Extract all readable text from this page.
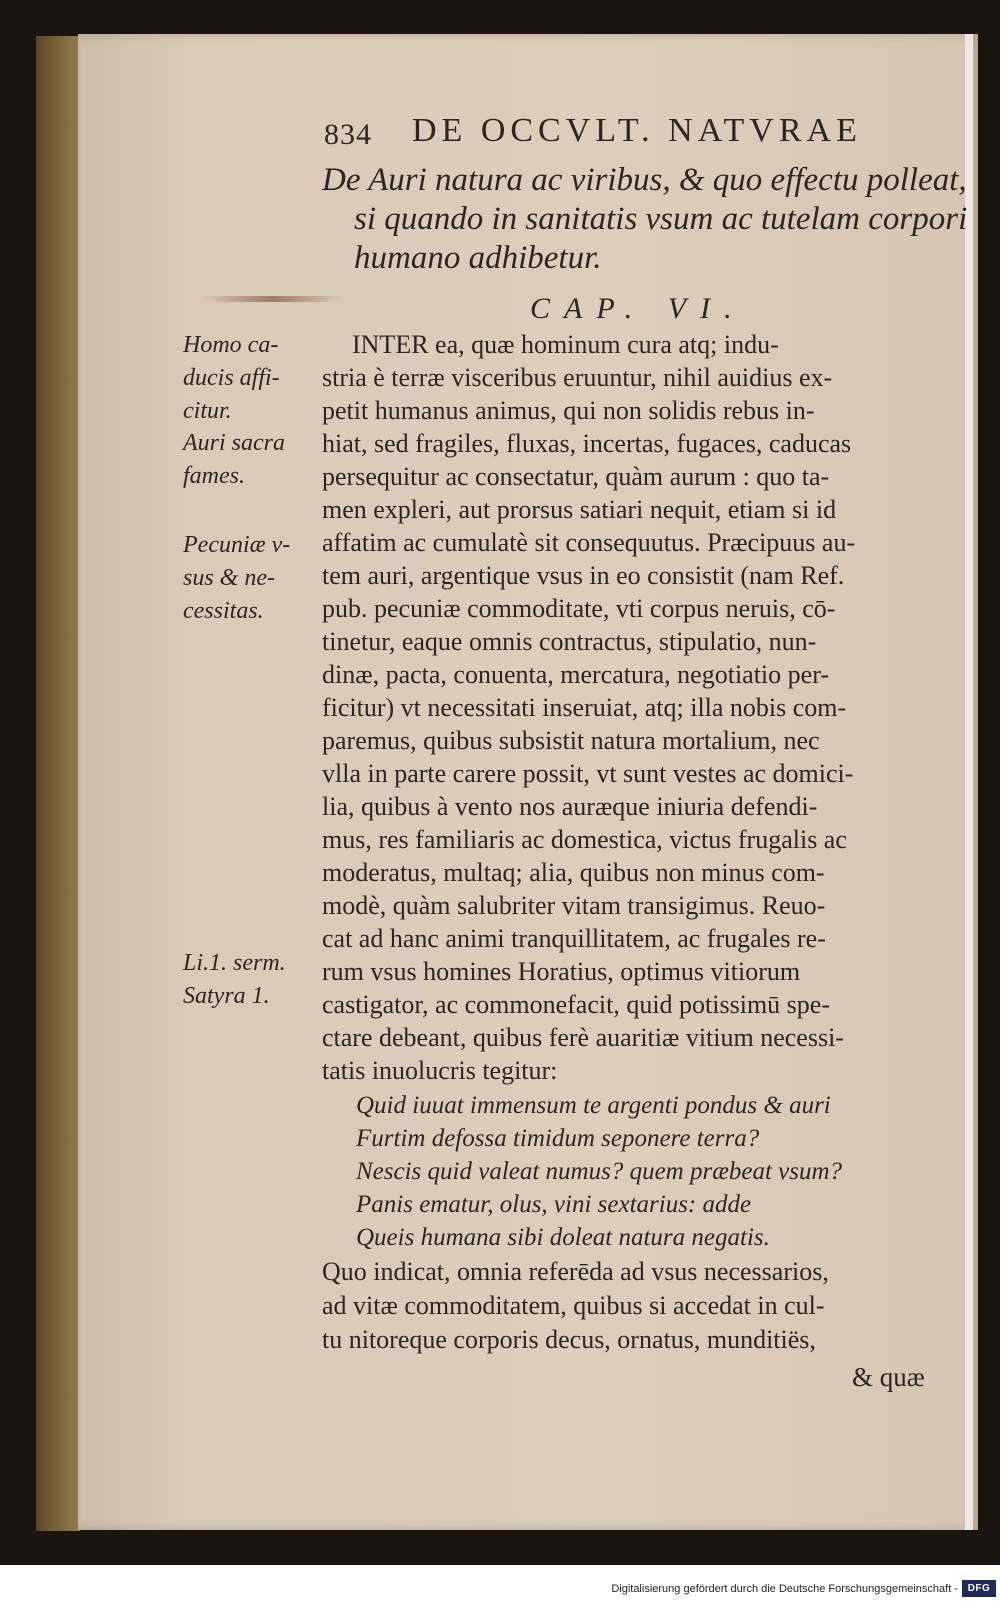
834 DE OCCVLT. NATVRAE
De Auri natura ac viribus, & quo effectu polleat,
si quando in sanitatis vsum ac tutelam corpori
humano adhibetur.
CAP. VI.
Homo ca-
ducis affi-
citur.
Auri sacra
fames.
Pecuniæ v-
sus & ne-
cessitas.
Li.1. serm.
Satyra 1.
INTER ea, quæ hominum cura atq; indu-
stria è terræ visceribus eruuntur, nihil auidius ex-
petit humanus animus, qui non solidis rebus in-
hiat, sed fragiles, fluxas, incertas, fugaces, caducas
persequitur ac consectatur, quàm aurum : quo ta-
men expleri, aut prorsus satiari nequit, etiam si id
affatim ac cumulatè sit consequutus. Præcipuus au-
tem auri, argentique vsus in eo consistit (nam Ref.
pub. pecuniæ commoditate, vti corpus neruis, cō-
tinetur, eaque omnis contractus, stipulatio, nun-
dinæ, pacta, conuenta, mercatura, negotiatio per-
ficitur) vt necessitati inseruiat, atq; illa nobis com-
paremus, quibus subsistit natura mortalium, nec
vlla in parte carere possit, vt sunt vestes ac domici-
lia, quibus à vento nos auræque iniuria defendi-
mus, res familiaris ac domestica, victus frugalis ac
moderatus, multaq; alia, quibus non minus com-
modè, quàm salubriter vitam transigimus. Reuo-
cat ad hanc animi tranquillitatem, ac frugales re-
rum vsus homines Horatius, optimus vitiorum
castigator, ac commonefacit, quid potissimū spe-
ctare debeant, quibus ferè auaritiæ vitium necessi-
tatis inuolucris tegitur:
Quid iuuat immensum te argenti pondus & auri
Furtim defossa timidum seponere terra?
Nescis quid valeat numus? quem præbeat vsum?
Panis ematur, olus, vini sextarius: adde
Queis humana sibi doleat natura negatis.
Quo indicat, omnia referēda ad vsus necessarios,
ad vitæ commoditatem, quibus si accedat in cul-
tu nitoreque corporis decus, ornatus, munditiës,
& quæ
Digitalisierung gefördert durch die Deutsche Forschungsgemeinschaft - DFG
